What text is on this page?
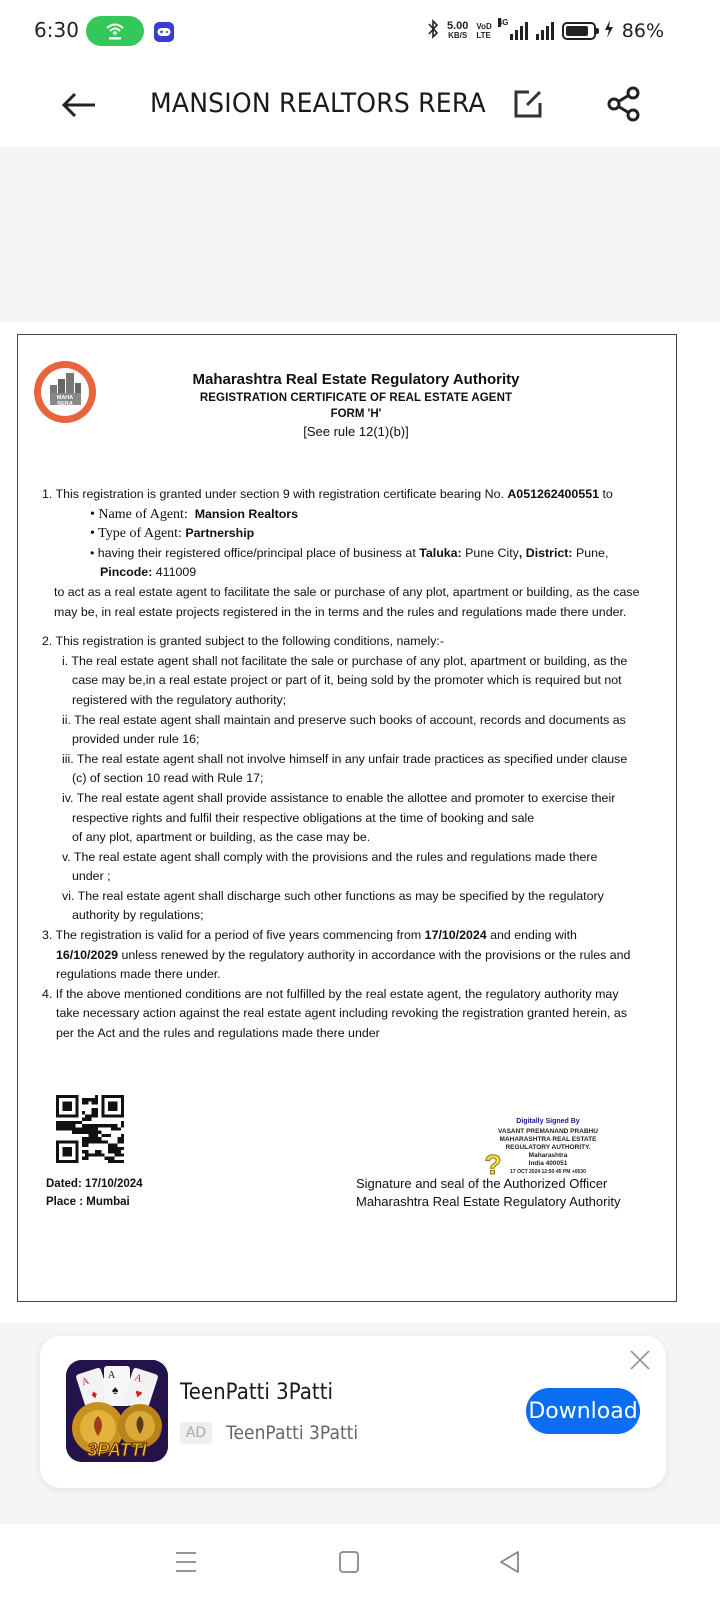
6:30	5.00
KB/S
VoD
LTE
4G	86%
MANSION REALTORS RERA
MAHA
RERA
Maharashtra Real Estate Regulatory Authority
REGISTRATION CERTIFICATE OF REAL ESTATE AGENT
FORM 'H'
[See rule 12(1)(b)]
1. This registration is granted under section 9 with registration certificate bearing No. A051262400551 to
• Name of Agent: Mansion Realtors
• Type of Agent: Partnership
• having their registered office/principal place of business at Taluka: Pune City, District: Pune,
Pincode: 411009
to act as a real estate agent to facilitate the sale or purchase of any plot, apartment or building, as the case may be, in real estate projects registered in the in terms and the rules and regulations made there under.
2. This registration is granted subject to the following conditions, namely:-
i. The real estate agent shall not facilitate the sale or purchase of any plot, apartment or building, as the
case may be,in a real estate project or part of it, being sold by the promoter which is required but not
registered with the regulatory authority;
ii. The real estate agent shall maintain and preserve such books of account, records and documents as
provided under rule 16;
iii. The real estate agent shall not involve himself in any unfair trade practices as specified under clause
(c) of section 10 read with Rule 17;
iv. The real estate agent shall provide assistance to enable the allottee and promoter to exercise their
respective rights and fulfil their respective obligations at the time of booking and sale
of any plot, apartment or building, as the case may be.
v. The real estate agent shall comply with the provisions and the rules and regulations made there
under ;
vi. The real estate agent shall discharge such other functions as may be specified by the regulatory
authority by regulations;
3. The registration is valid for a period of five years commencing from 17/10/2024 and ending with
16/10/2029 unless renewed by the regulatory authority in accordance with the provisions or the rules and
regulations made there under.
4. If the above mentioned conditions are not fulfilled by the real estate agent, the regulatory authority may
take necessary action against the real estate agent including revoking the registration granted herein, as
per the Act and the rules and regulations made there under
Dated: 17/10/2024
Place : Mumbai
Digitally Signed By
VASANT PREMANAND PRABHU
MAHARASHTRA REAL ESTATE
REGULATORY AUTHORITY.
Maharashtra
India 400051
17 OCT 2024 12:50:45 PM +0530
?
Signature and seal of the Authorized Officer
Maharashtra Real Estate Regulatory Authority
A
♦
A
♠
A
♥
3PATTI
TeenPatti 3Patti
AD	TeenPatti 3Patti
Download
